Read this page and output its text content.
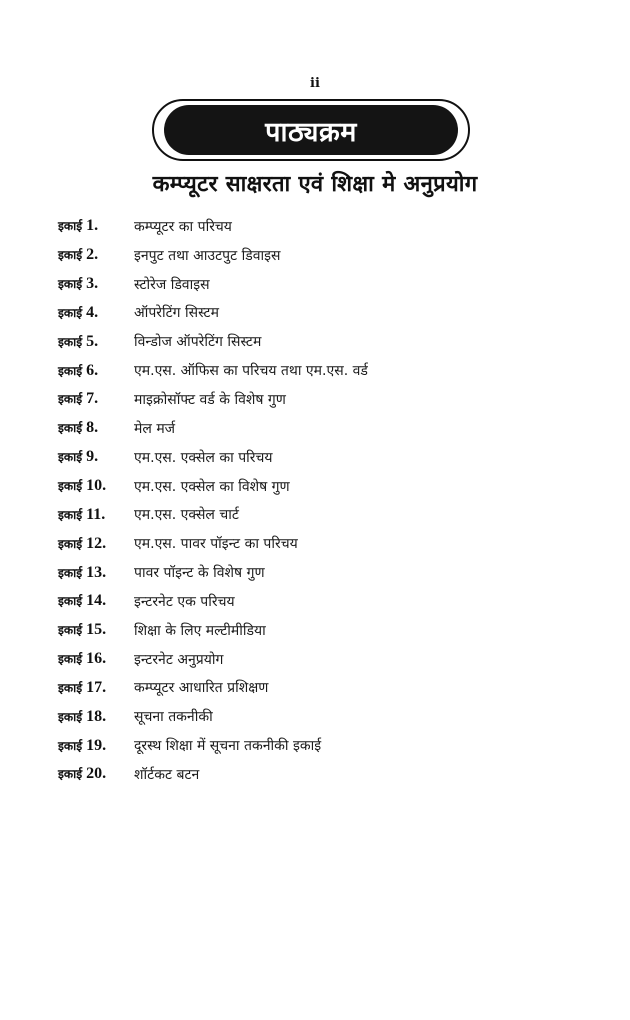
ii
पाठ्यक्रम
कम्प्यूटर साक्षरता एवं शिक्षा मे अनुप्रयोग
इकाई 1.	कम्प्यूटर का परिचय
इकाई 2.	इनपुट तथा आउटपुट डिवाइस
इकाई 3.	स्टोरेज डिवाइस
इकाई 4.	ऑपरेटिंग सिस्टम
इकाई 5.	विन्डोज ऑपरेटिंग सिस्टम
इकाई 6.	एम.एस. ऑफिस का परिचय तथा एम.एस. वर्ड
इकाई 7.	माइक्रोसॉफ्ट वर्ड के विशेष गुण
इकाई 8.	मेल मर्ज
इकाई 9.	एम.एस. एक्सेल का परिचय
इकाई 10. एम.एस. एक्सेल का विशेष गुण
इकाई 11. एम.एस. एक्सेल चार्ट
इकाई 12. एम.एस. पावर पॉइन्ट का परिचय
इकाई 13. पावर पॉइन्ट के विशेष गुण
इकाई 14. इन्टरनेट एक परिचय
इकाई 15. शिक्षा के लिए मल्टीमीडिया
इकाई 16. इन्टरनेट अनुप्रयोग
इकाई 17. कम्प्यूटर आधारित प्रशिक्षण
इकाई 18. सूचना तकनीकी
इकाई 19. दूरस्थ शिक्षा में सूचना तकनीकी इकाई
इकाई 20. शॉर्टकट बटन
